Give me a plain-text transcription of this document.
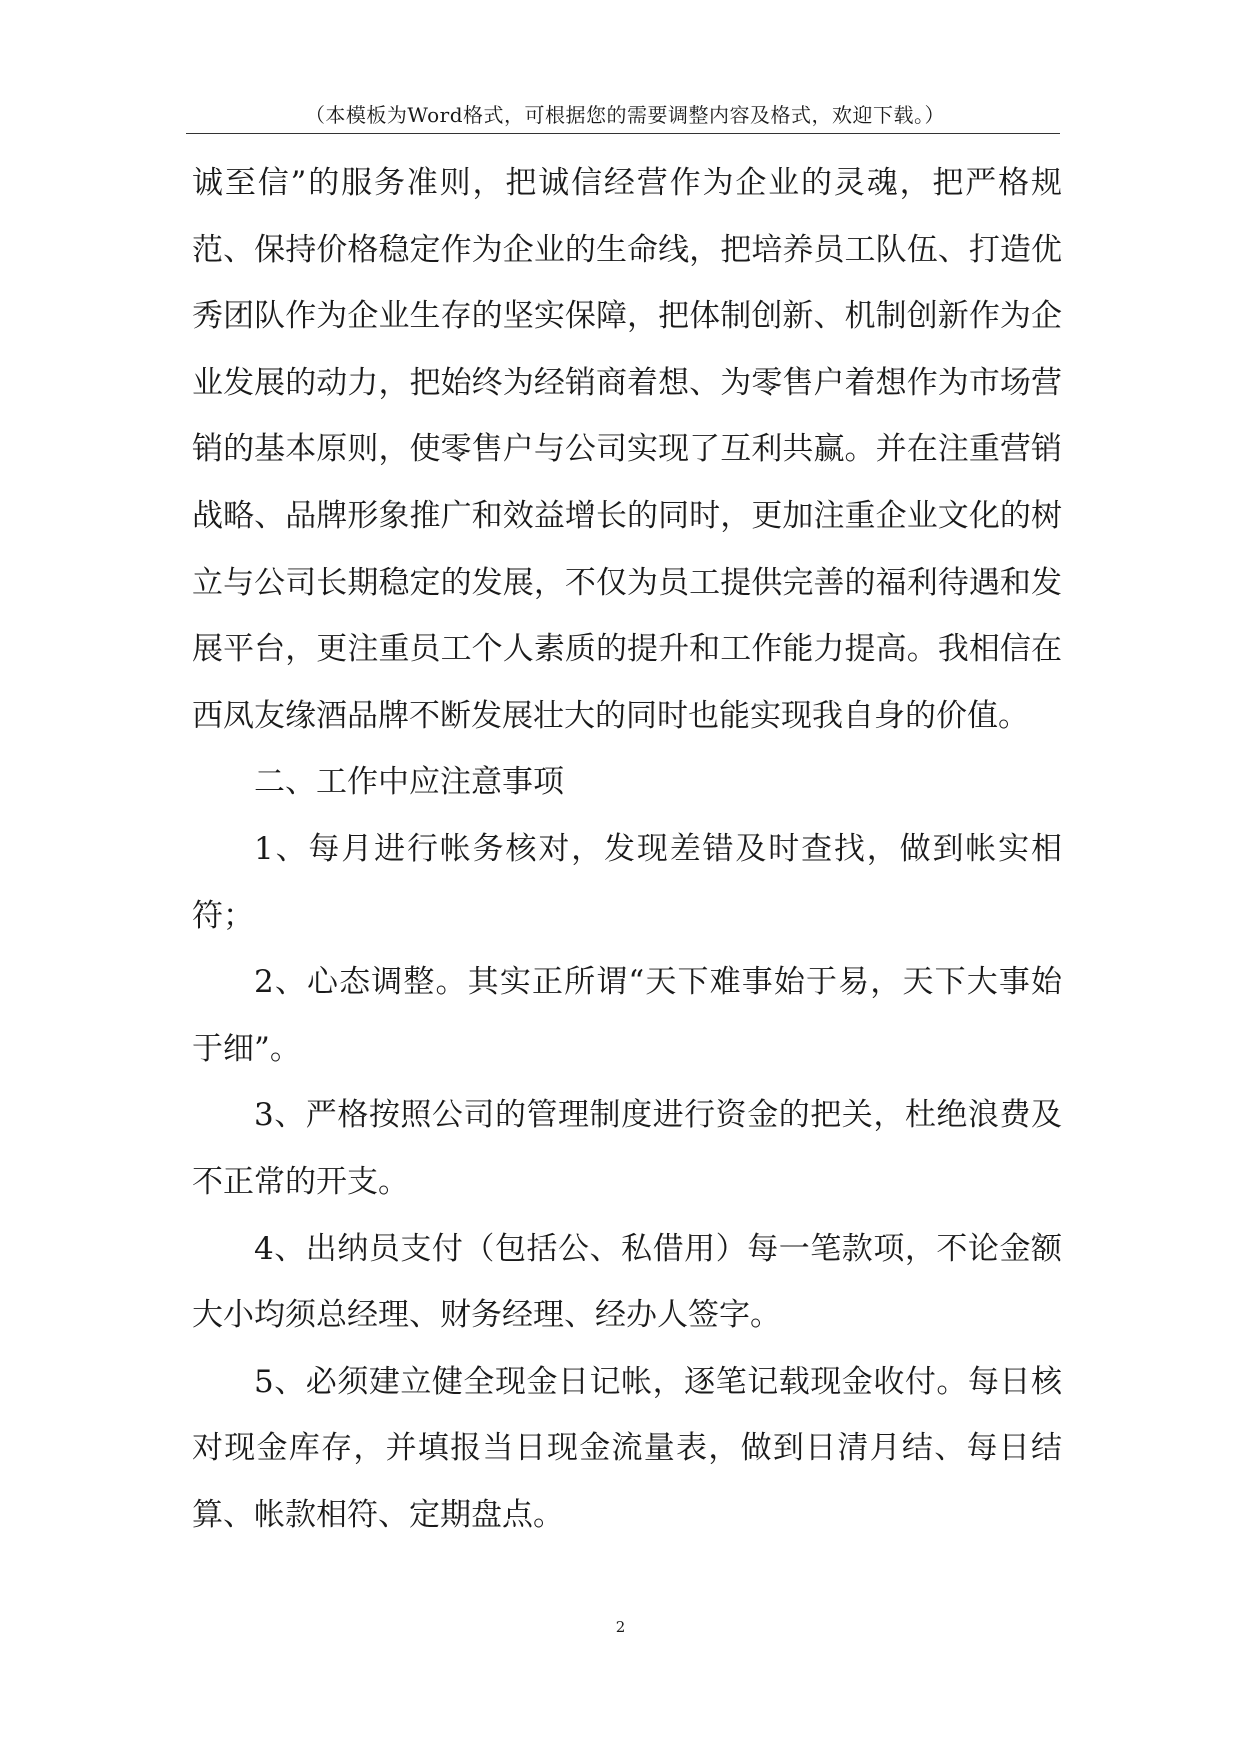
（本模板为Word格式，可根据您的需要调整内容及格式，欢迎下载。）

诚至信”的服务准则，把诚信经营作为企业的灵魂，把严格规范、保持价格稳定作为企业的生命线，把培养员工队伍、打造优秀团队作为企业生存的坚实保障，把体制创新、机制创新作为企业发展的动力，把始终为经销商着想、为零售户着想作为市场营销的基本原则，使零售户与公司实现了互利共赢。并在注重营销战略、品牌形象推广和效益增长的同时，更加注重企业文化的树立与公司长期稳定的发展，不仅为员工提供完善的福利待遇和发展平台，更注重员工个人素质的提升和工作能力提高。我相信在西凤友缘酒品牌不断发展壮大的同时也能实现我自身的价值。

二、工作中应注意事项

1、每月进行帐务核对，发现差错及时查找，做到帐实相符；

2、心态调整。其实正所谓“天下难事始于易，天下大事始于细”。

3、严格按照公司的管理制度进行资金的把关，杜绝浪费及不正常的开支。

4、出纳员支付（包括公、私借用）每一笔款项，不论金额大小均须总经理、财务经理、经办人签字。

5、必须建立健全现金日记帐，逐笔记载现金收付。每日核对现金库存，并填报当日现金流量表，做到日清月结、每日结算、帐款相符、定期盘点。

2
